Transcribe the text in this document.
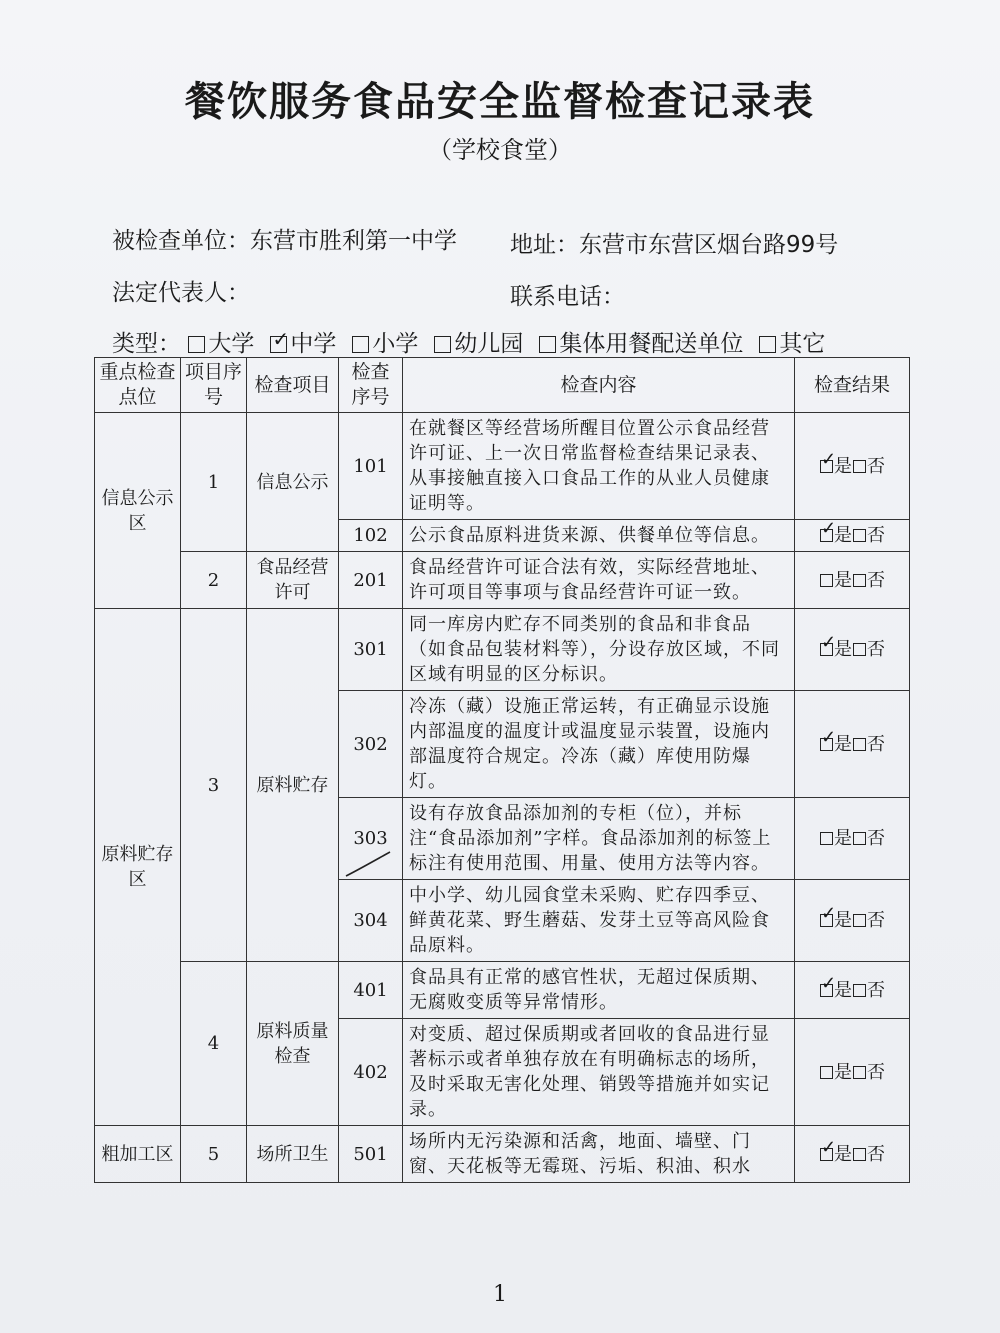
餐饮服务食品安全监督检查记录表
（学校食堂）
被检查单位：东营市胜利第一中学 地址：东营市东营区烟台路99号
法定代表人：	联系电话：
类型： 大学 ✓ 中学 小学 幼儿园 集体用餐配送单位 其它
重点检查点位	项目序号	检查项目	检查序号	检查内容	检查结果
信息公示区	1	信息公示	101	在就餐区等经营场所醒目位置公示食品经营许可证、上一次日常监督检查结果记录表、从事接触直接入口食品工作的从业人员健康证明等。	✓是 否
			102	公示食品原料进货来源、供餐单位等信息。	✓是 否
	2	食品经营许可	201	食品经营许可证合法有效，实际经营地址、许可项目等事项与食品经营许可证一致。	是 否
原料贮存区	3	原料贮存	301	同一库房内贮存不同类别的食品和非食品（如食品包装材料等），分设存放区域，不同区域有明显的区分标识。	✓是 否
			302	冷冻（藏）设施正常运转，有正确显示设施内部温度的温度计或温度显示装置，设施内部温度符合规定。冷冻（藏）库使用防爆灯。	✓是 否
			303	设有存放食品添加剂的专柜（位），并标注“食品添加剂”字样。食品添加剂的标签上标注有使用范围、用量、使用方法等内容。	是 否
			304	中小学、幼儿园食堂未采购、贮存四季豆、鲜黄花菜、野生蘑菇、发芽土豆等高风险食品原料。	✓是 否
	4	原料质量检查	401	食品具有正常的感官性状，无超过保质期、无腐败变质等异常情形。	✓是 否
			402	对变质、超过保质期或者回收的食品进行显著标示或者单独存放在有明确标志的场所，及时采取无害化处理、销毁等措施并如实记录。	是 否
粗加工区	5	场所卫生	501	场所内无污染源和活禽，地面、墙壁、门窗、天花板等无霉斑、污垢、积油、积水	✓是 否
1
